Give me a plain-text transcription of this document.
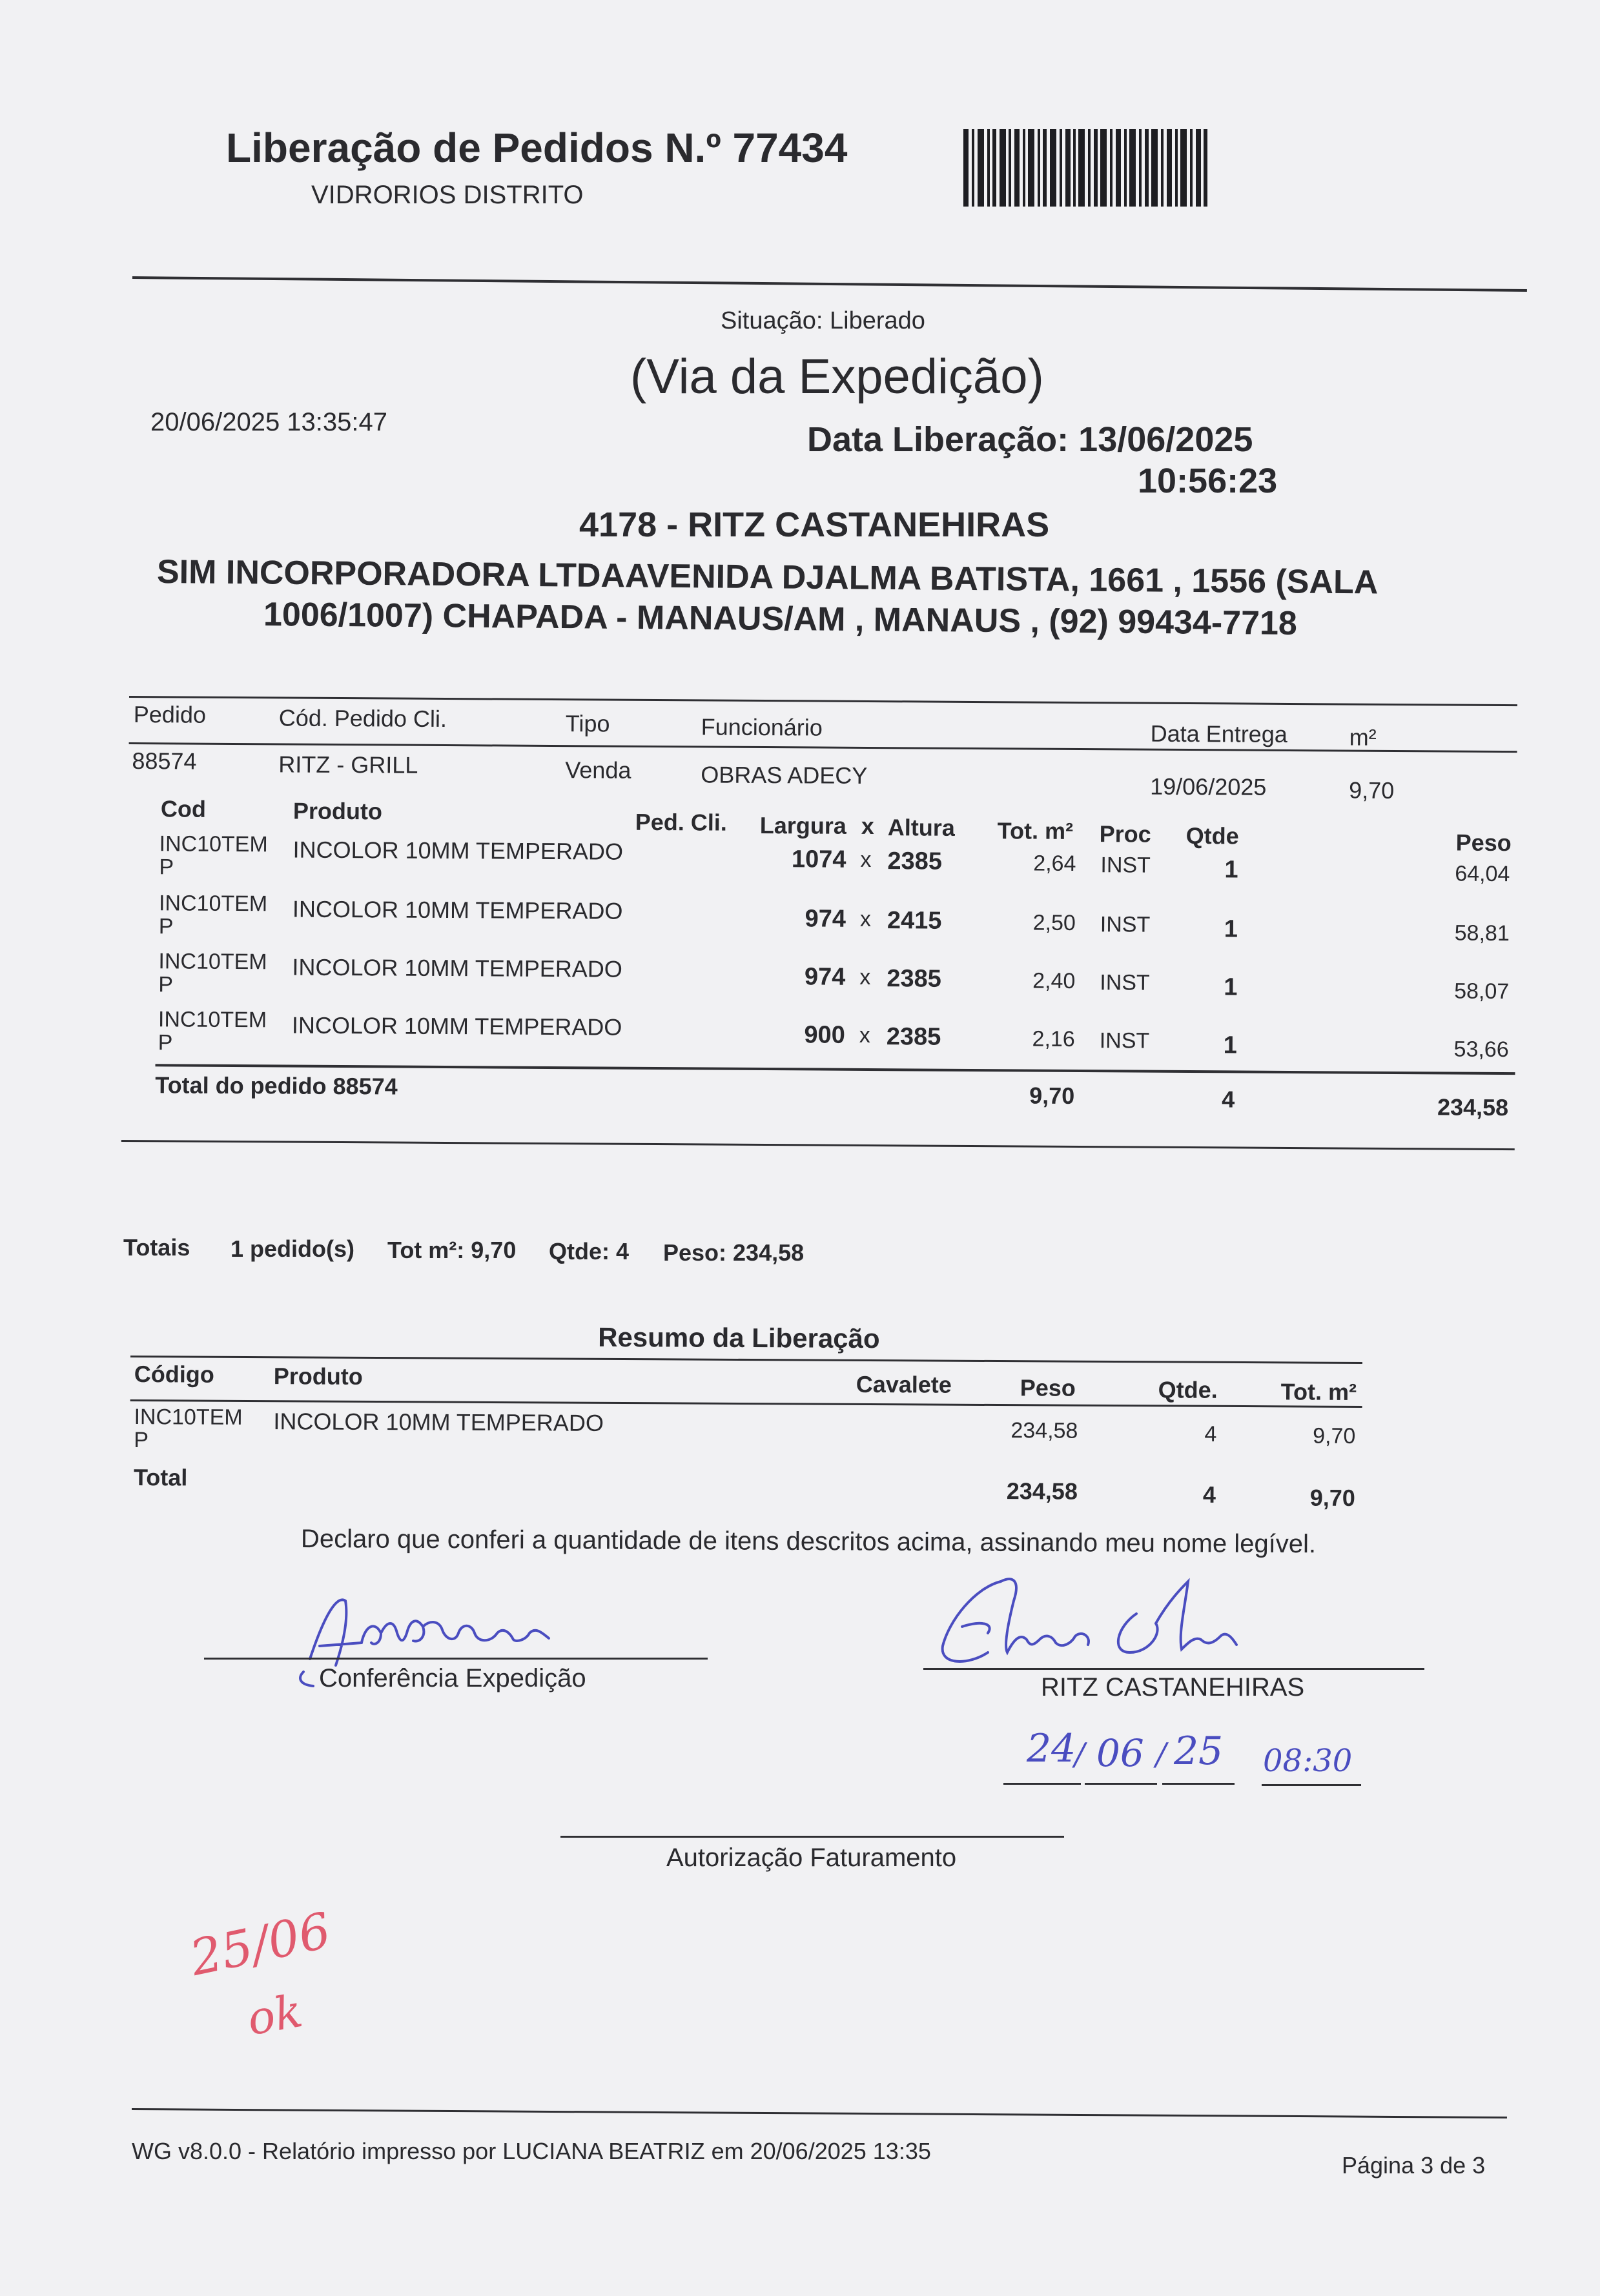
Liberação de Pedidos N.º 77434
VIDRORIOS DISTRITO
Situação: Liberado
(Via da Expedição)
20/06/2025 13:35:47	Data Liberação: 13/06/2025
10:56:23
4178 - RITZ CASTANEHIRAS
SIM INCORPORADORA LTDAAVENIDA DJALMA BATISTA, 1661 , 1556 (SALA
1006/1007) CHAPADA - MANAUS/AM , MANAUS , (92) 99434-7718
Pedido	Cód. Pedido Cli.	Tipo	Funcionário	Data Entrega	m²
88574	RITZ - GRILL	Venda	OBRAS ADECY	19/06/2025	9,70
Cod	Produto	Ped. Cli. Largura x Altura Tot. m² Proc Qtde	Peso
INC10TEM
P
INCOLOR 10MM TEMPERADO	1074 x 2385	2,64 INST	1	64,04
INC10TEM
P
INCOLOR 10MM TEMPERADO	974 x 2415	2,50 INST	1	58,81
INC10TEM
P
INCOLOR 10MM TEMPERADO	974 x 2385	2,40 INST	1	58,07
INC10TEM
P
INCOLOR 10MM TEMPERADO	900 x 2385	2,16 INST	1	53,66
Total do pedido 88574	9,70	4	234,58
Totais 1 pedido(s) Tot m²: 9,70 Qtde: 4 Peso: 234,58
Resumo da Liberação
Código	Produto	Cavalete	Peso	Qtde.	Tot. m²
INC10TEM
P
INCOLOR 10MM TEMPERADO	234,58	4	9,70
Total
234,58	4	9,70
Declaro que conferi a quantidade de itens descritos acima, assinando meu nome legível.
Conferência Expedição	RITZ CASTANEHIRAS
24
/ 06 / 25 08:30
Autorização Faturamento
25/06
ok
WG v8.0.0 - Relatório impresso por LUCIANA BEATRIZ em 20/06/2025 13:35
Página 3 de 3
